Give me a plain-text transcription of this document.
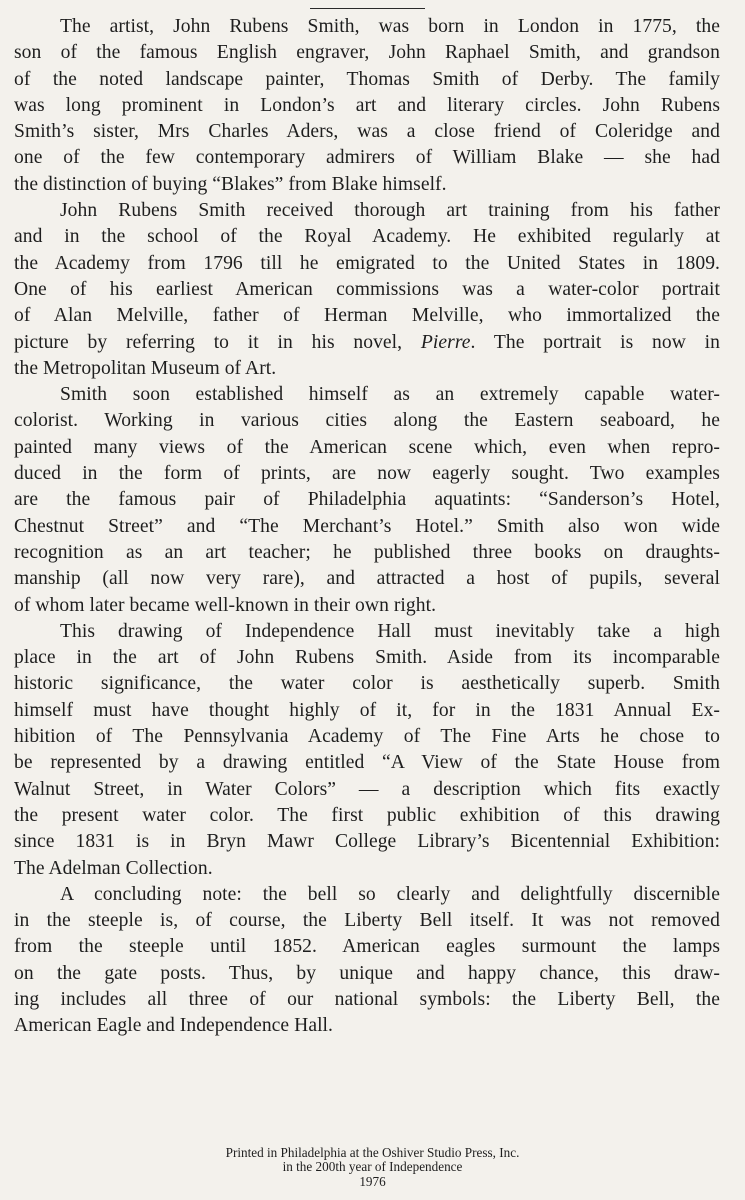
The artist, John Rubens Smith, was born in London in 1775, the
son of the famous English engraver, John Raphael Smith, and grandson
of the noted landscape painter, Thomas Smith of Derby. The family
was long prominent in London’s art and literary circles. John Rubens
Smith’s sister, Mrs Charles Aders, was a close friend of Coleridge and
one of the few contemporary admirers of William Blake — she had
the distinction of buying “Blakes” from Blake himself.

John Rubens Smith received thorough art training from his father
and in the school of the Royal Academy. He exhibited regularly at
the Academy from 1796 till he emigrated to the United States in 1809.
One of his earliest American commissions was a water-color portrait
of Alan Melville, father of Herman Melville, who immortalized the
picture by referring to it in his novel, Pierre. The portrait is now in
the Metropolitan Museum of Art.

Smith soon established himself as an extremely capable water-
colorist. Working in various cities along the Eastern seaboard, he
painted many views of the American scene which, even when repro-
duced in the form of prints, are now eagerly sought. Two examples
are the famous pair of Philadelphia aquatints: “Sanderson’s Hotel,
Chestnut Street” and “The Merchant’s Hotel.” Smith also won wide
recognition as an art teacher; he published three books on draughts-
manship (all now very rare), and attracted a host of pupils, several
of whom later became well-known in their own right.

This drawing of Independence Hall must inevitably take a high
place in the art of John Rubens Smith. Aside from its incomparable
historic significance, the water color is aesthetically superb. Smith
himself must have thought highly of it, for in the 1831 Annual Ex-
hibition of The Pennsylvania Academy of The Fine Arts he chose to
be represented by a drawing entitled “A View of the State House from
Walnut Street, in Water Colors” — a description which fits exactly
the present water color. The first public exhibition of this drawing
since 1831 is in Bryn Mawr College Library’s Bicentennial Exhibition:
The Adelman Collection.

A concluding note: the bell so clearly and delightfully discernible
in the steeple is, of course, the Liberty Bell itself. It was not removed
from the steeple until 1852. American eagles surmount the lamps
on the gate posts. Thus, by unique and happy chance, this draw-
ing includes all three of our national symbols: the Liberty Bell, the
American Eagle and Independence Hall.

Printed in Philadelphia at the Oshiver Studio Press, Inc.
in the 200th year of Independence
1976
